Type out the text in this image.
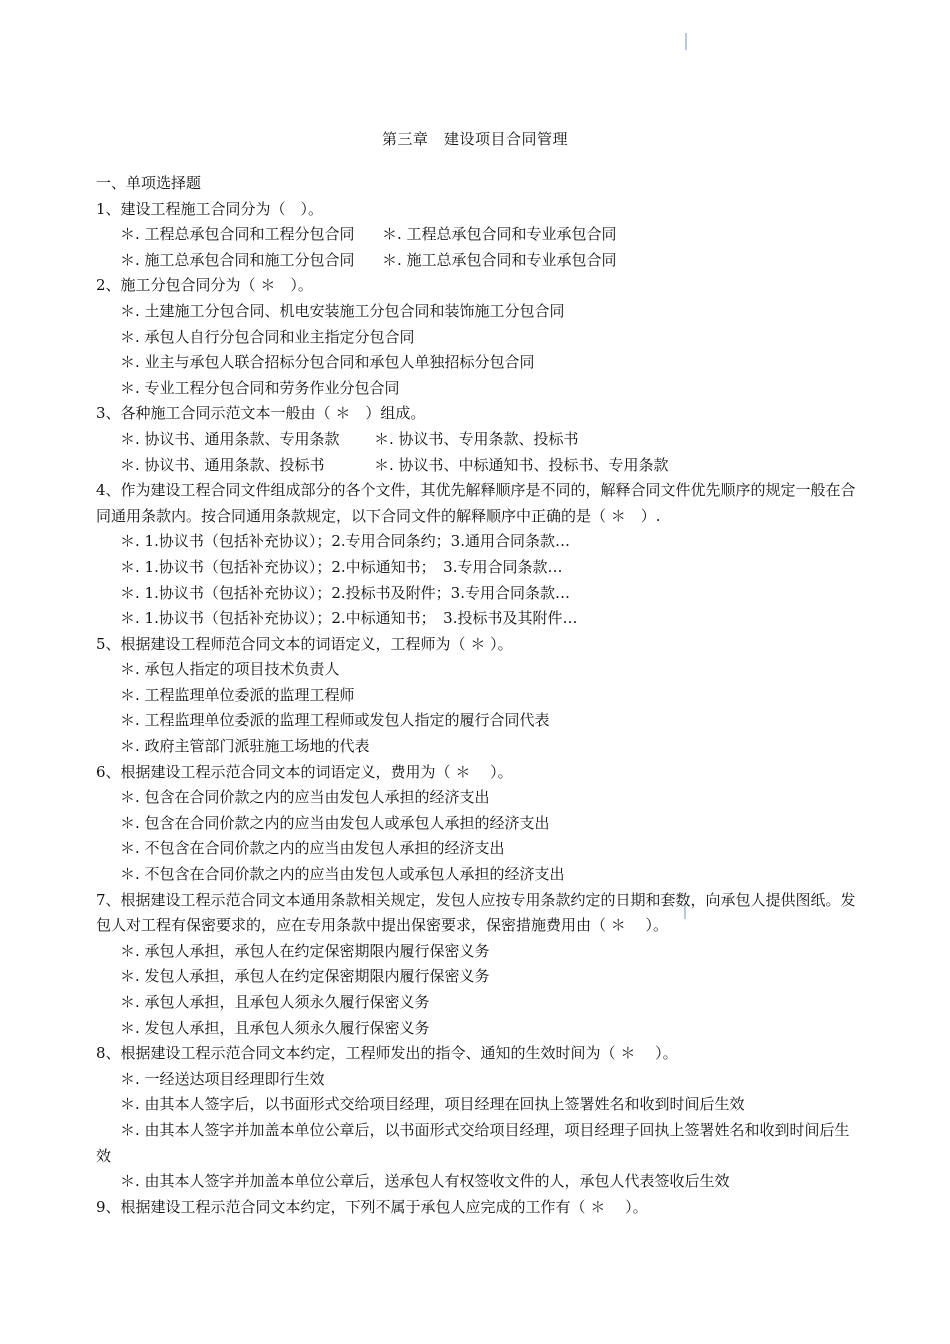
第三章　建设项目合同管理
一、单项选择题
1、建设工程施工合同分为（　）。
＊. 工程总承包合同和工程分包合同 ＊. 工程总承包合同和专业承包合同
＊. 施工总承包合同和施工分包合同 ＊. 施工总承包合同和专业承包合同
2、施工分包合同分为（ ＊　）。
＊. 土建施工分包合同、机电安装施工分包合同和装饰施工分包合同
＊. 承包人自行分包合同和业主指定分包合同
＊. 业主与承包人联合招标分包合同和承包人单独招标分包合同
＊. 专业工程分包合同和劳务作业分包合同
3、各种施工合同示范文本一般由（ ＊　）组成。
＊. 协议书、通用条款、专用条款 ＊. 协议书、专用条款、投标书
＊. 协议书、通用条款、投标书	＊. 协议书、中标通知书、投标书、专用条款
4、作为建设工程合同文件组成部分的各个文件，其优先解释顺序是不同的，解释合同文件优先顺序的规定一般在合同通用条款内。按合同通用条款规定，以下合同文件的解释顺序中正确的是（ ＊　）.
＊. 1.协议书（包括补充协议）；2.专用合同条约；3.通用合同条款…
＊. 1.协议书（包括补充协议）；2.中标通知书；　3.专用合同条款…
＊. 1.协议书（包括补充协议）；2.投标书及附件；3.专用合同条款…
＊. 1.协议书（包括补充协议）；2.中标通知书；　3.投标书及其附件…
5、根据建设工程师范合同文本的词语定义，工程师为（ ＊ ）。
＊. 承包人指定的项目技术负责人
＊. 工程监理单位委派的监理工程师
＊. 工程监理单位委派的监理工程师或发包人指定的履行合同代表
＊. 政府主管部门派驻施工场地的代表
6、根据建设工程示范合同文本的词语定义，费用为（ ＊　 ）。
＊. 包含在合同价款之内的应当由发包人承担的经济支出
＊. 包含在合同价款之内的应当由发包人或承包人承担的经济支出
＊. 不包含在合同价款之内的应当由发包人承担的经济支出
＊. 不包含在合同价款之内的应当由发包人或承包人承担的经济支出
7、根据建设工程示范合同文本通用条款相关规定，发包人应按专用条款约定的日期和套数，向承包人提供图纸。发包人对工程有保密要求的，应在专用条款中提出保密要求，保密措施费用由（ ＊　 ）。
＊. 承包人承担，承包人在约定保密期限内履行保密义务
＊. 发包人承担，承包人在约定保密期限内履行保密义务
＊. 承包人承担，且承包人须永久履行保密义务
＊. 发包人承担，且承包人须永久履行保密义务
8、根据建设工程示范合同文本约定，工程师发出的指令、通知的生效时间为（ ＊　 ）。
＊. 一经送达项目经理即行生效
＊. 由其本人签字后，以书面形式交给项目经理，项目经理在回执上签署姓名和收到时间后生效
＊. 由其本人签字并加盖本单位公章后，以书面形式交给项目经理，项目经理子回执上签署姓名和收到时间后生效
＊. 由其本人签字并加盖本单位公章后，送承包人有权签收文件的人，承包人代表签收后生效
9、根据建设工程示范合同文本约定，下列不属于承包人应完成的工作有（ ＊　 ）。
